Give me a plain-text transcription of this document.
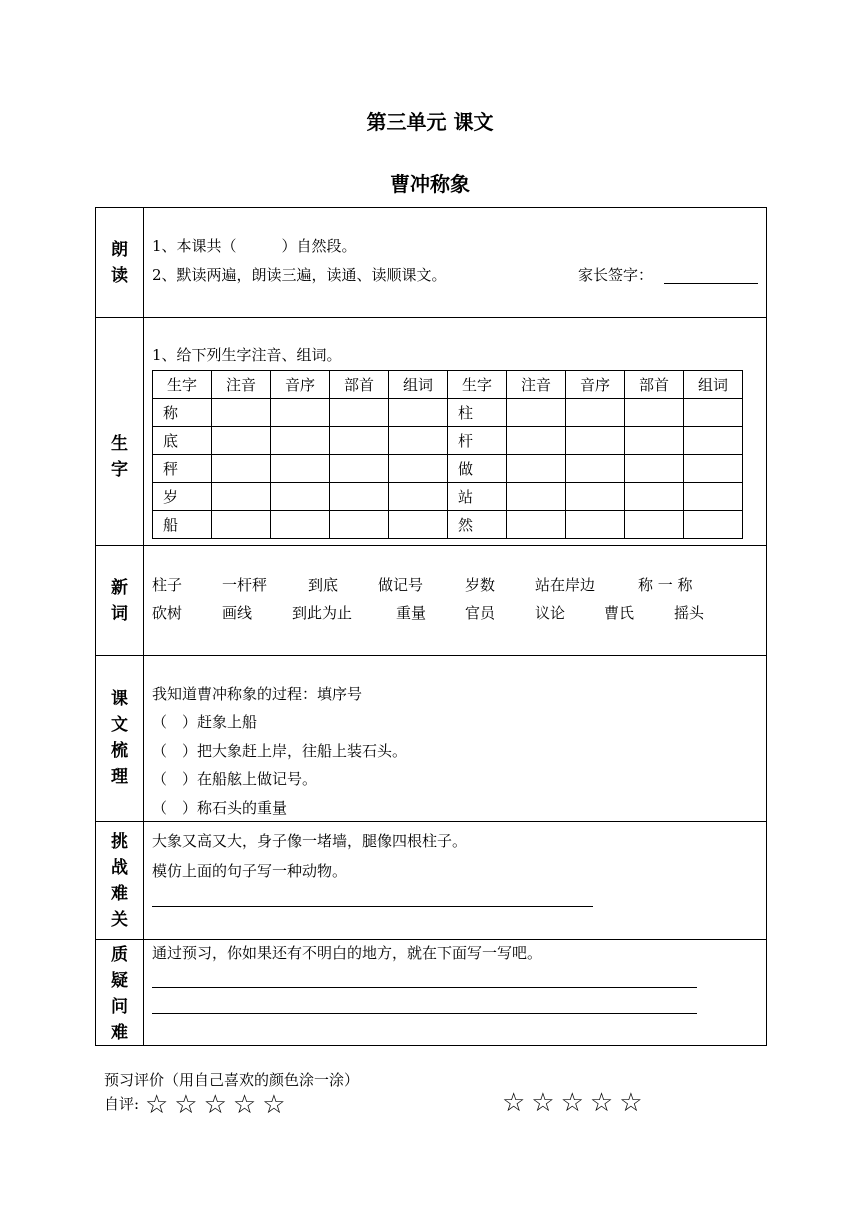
第三单元 课文
曹冲称象
朗
读
1、本课共（　　　）自然段。
2、默读两遍，朗读三遍，读通、读顺课文。	家长签字：
生
字
1、给下列生字注音、组词。
生字	注音	音序	部首	组词	生字	注音	音序	部首	组词
称					柱				
底					杆				
秤					做				
岁					站				
船					然				
新
词
柱子	一杆秤	到底	做记号	岁数	站在岸边	称 一 称
砍树	画线	到此为止	重量	官员	议论	曹氏	摇头
课
文
梳
理
我知道曹冲称象的过程：填序号
（　）赶象上船
（　）把大象赶上岸，往船上装石头。
（　）在船舷上做记号。
（　）称石头的重量
挑
战
难
关
大象又高又大，身子像一堵墙，腿像四根柱子。
模仿上面的句子写一种动物。
质
疑
问
难
通过预习，你如果还有不明白的地方，就在下面写一写吧。
预习评价（用自己喜欢的颜色涂一涂）
自评: ☆☆☆☆☆	☆☆☆☆☆
